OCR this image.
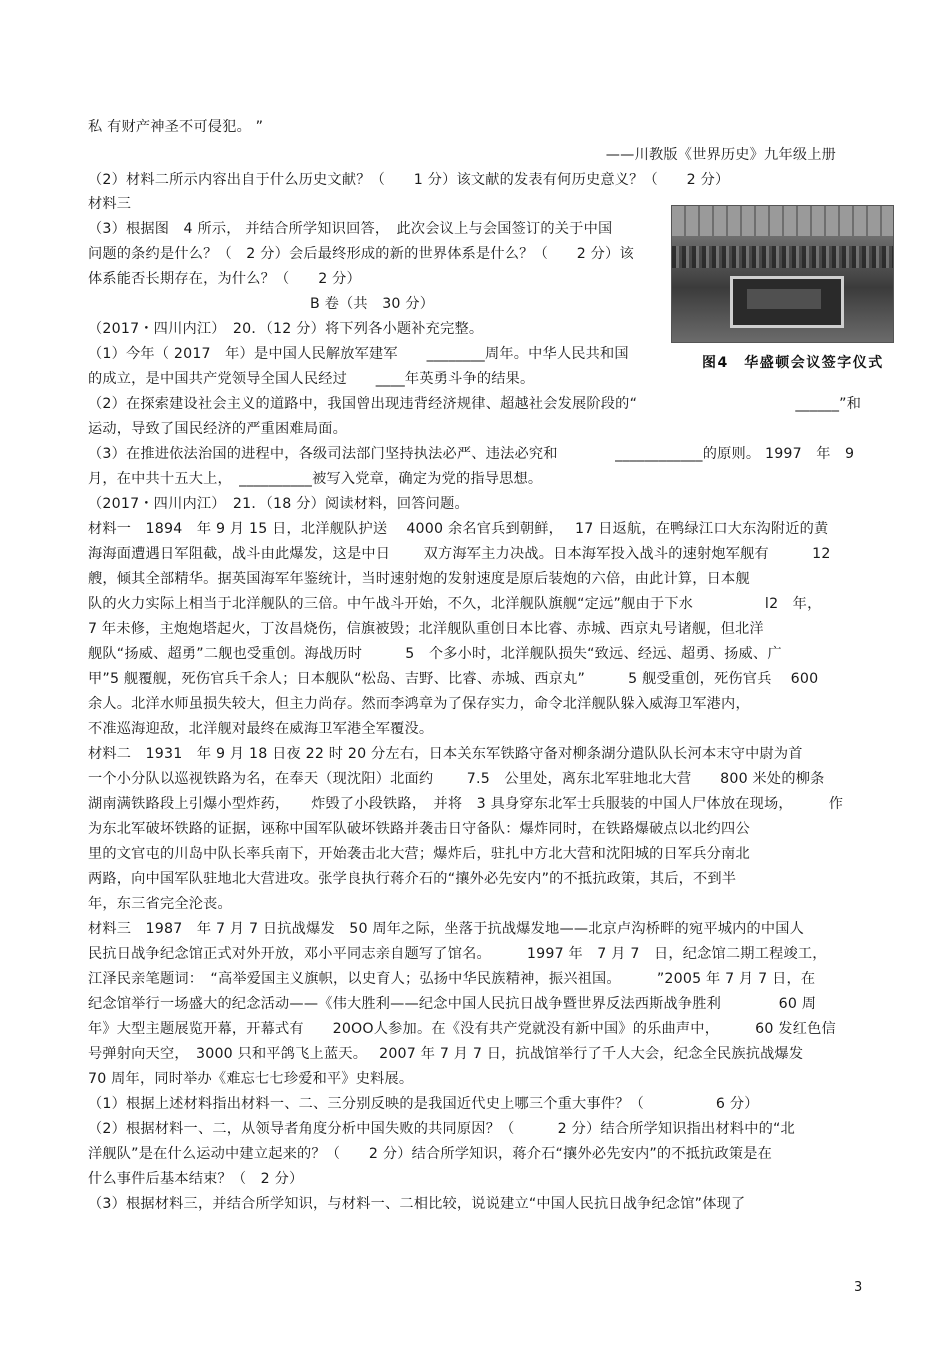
私 有财产神圣不可侵犯。 ”
——川教版《世界历史》九年级上册
（2）材料二所示内容出自于什么历史文献？（　　1 分）该文献的发表有何历史意义？（　　2 分）
材料三
（3）根据图　4 所示， 并结合所学知识回答，　此次会议上与会国签订的关于中国
问题的条约是什么？（　2 分）会后最终形成的新的世界体系是什么？（　　2 分）该
体系能否长期存在，为什么？（　　2 分）
B 卷（共　30 分）
（2017・四川内江）　20．（12 分）将下列各小题补充完整。
（1）今年（ 2017　年）是中国人民解放军建军　　________周年。中华人民共和国
的成立，是中国共产党领导全国人民经过　　____年英勇斗争的结果。
（2）在探索建设社会主义的道路中，我国曾出现违背经济规律、超越社会发展阶段的“　　　　　　　　　　　______”和
运动，导致了国民经济的严重困难局面。
（3）在推进依法治国的进程中，各级司法部门坚持执法必严、违法必究和　　　　____________的原则。 1997　年　9
月，在中共十五大上，　__________被写入党章，确定为党的指导思想。
（2017・四川内江）　21．（18 分）阅读材料，回答问题。
材料一　1894　年 9 月 15 日，北洋舰队护送　 4000 余名官兵到朝鲜，　 17 日返航，在鸭绿江口大东沟附近的黄
海海面遭遇日军阻截，战斗由此爆发，这是中日　　 双方海军主力决战。日本海军投入战斗的速射炮军舰有　　　12
艘，倾其全部精华。据英国海军年鉴统计，当时速射炮的发射速度是原后装炮的六倍，由此计算，日本舰
队的火力实际上相当于北洋舰队的三倍。中午战斗开始，不久，北洋舰队旗舰“定远”舰由于下水　　　　　l2　年，
7 年未修，主炮炮塔起火，丁汝昌烧伤，信旗被毁；北洋舰队重创日本比睿、赤城、西京丸号诸舰，但北洋
舰队“扬威、超勇”二舰也受重创。海战历时　　　5　个多小时，北洋舰队损失“致远、经远、超勇、扬威、广
甲”5 舰覆舰，死伤官兵千余人；日本舰队“松岛、吉野、比睿、赤城、西京丸”　　　5 舰受重创，死伤官兵　 600
余人。北洋水师虽损失较大，但主力尚存。然而李鸿章为了保存实力，命令北洋舰队躲入威海卫军港内，
不准巡海迎敌，北洋舰对最终在威海卫军港全军覆没。
材料二　1931　年 9 月 18 日夜 22 时 20 分左右，日本关东军铁路守备对柳条湖分遣队队长河本末守中尉为首
一个小分队以巡视铁路为名，在奉天（现沈阳）北面约　　 7.5　公里处，离东北军驻地北大营　　800 米处的柳条
湖南满铁路段上引爆小型炸药，　　炸毁了小段铁路，　并将　3 具身穿东北军士兵服装的中国人尸体放在现场，　　　作
为东北军破坏铁路的证据，诬称中国军队破坏铁路并袭击日守备队：爆炸同时，在铁路爆破点以北约四公
里的文官屯的川岛中队长率兵南下，开始袭击北大营；爆炸后，驻扎中方北大营和沈阳城的日军兵分南北
两路，向中国军队驻地北大营进攻。张学良执行蒋介石的“攘外必先安内”的不抵抗政策，其后，不到半
年，东三省完全沦丧。
材料三　1987　年 7 月 7 日抗战爆发　50 周年之际，坐落于抗战爆发地——北京卢沟桥畔的宛平城内的中国人
民抗日战争纪念馆正式对外开放，邓小平同志亲自题写了馆名。　　　1997 年　7 月 7　日，纪念馆二期工程竣工，
江泽民亲笔题词：　“高举爱国主义旗帜，以史育人；弘扬中华民族精神，振兴祖国。　　　”2005 年 7 月 7 日，在
纪念馆举行一场盛大的纪念活动——《伟大胜利——纪念中国人民抗日战争暨世界反法西斯战争胜利　　　　60 周
年》大型主题展览开幕，开幕式有　　20OO人参加。在《没有共产党就没有新中国》的乐曲声中，　　　60 发红色信
号弹射向天空，　3000 只和平鸽飞上蓝天。　 2007 年 7 月 7 日，抗战馆举行了千人大会，纪念全民族抗战爆发
70 周年，同时举办《难忘七七珍爱和平》史料展。
（1）根据上述材料指出材料一、二、三分别反映的是我国近代史上哪三个重大事件？（　　　　　6 分）
（2）根据材料一、二，从领导者角度分析中国失败的共同原因？（　　　2 分）结合所学知识指出材料中的“北
洋舰队”是在什么运动中建立起来的？（　　2 分）结合所学知识，蒋介石“攘外必先安内”的不抵抗政策是在
什么事件后基本结束？（　2 分）
（3）根据材料三，并结合所学知识，与材料一、二相比较，说说建立“中国人民抗日战争纪念馆”体现了
图4　华盛顿会议签字仪式
3
